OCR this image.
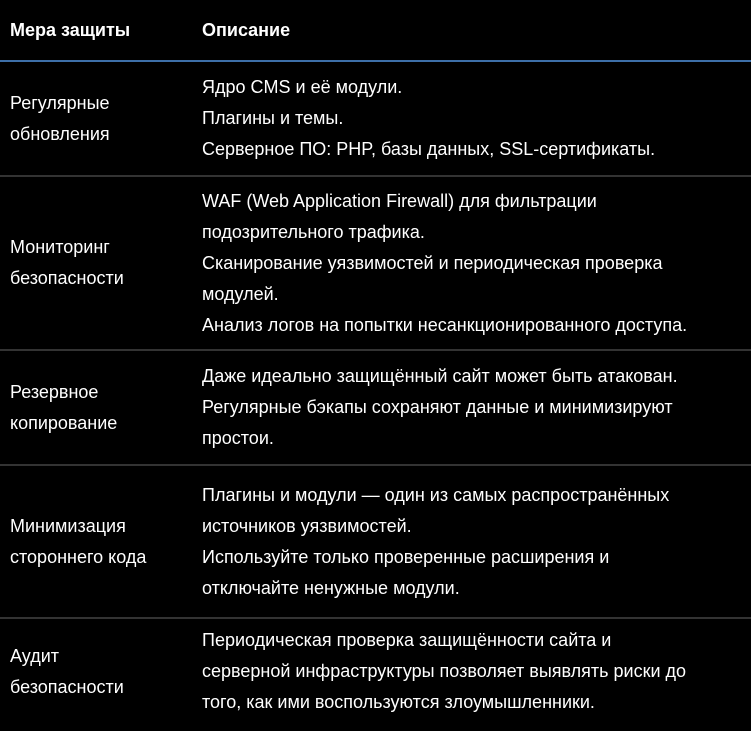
Мера защиты	Описание

Регулярные
обновления	Ядро CMS и её модули.
Плагины и темы.
Серверное ПО: PHP, базы данных, SSL-сертификаты.

Мониторинг
безопасности	WAF (Web Application Firewall) для фильтрации
подозрительного трафика.
Сканирование уязвимостей и периодическая проверка
модулей.
Анализ логов на попытки несанкционированного доступа.

Резервное
копирование	Даже идеально защищённый сайт может быть атакован.
Регулярные бэкапы сохраняют данные и минимизируют
простои.

Минимизация
стороннего кода	Плагины и модули — один из самых распространённых
источников уязвимостей.
Используйте только проверенные расширения и
отключайте ненужные модули.

Аудит
безопасности	Периодическая проверка защищённости сайта и
серверной инфраструктуры позволяет выявлять риски до
того, как ими воспользуются злоумышленники.
